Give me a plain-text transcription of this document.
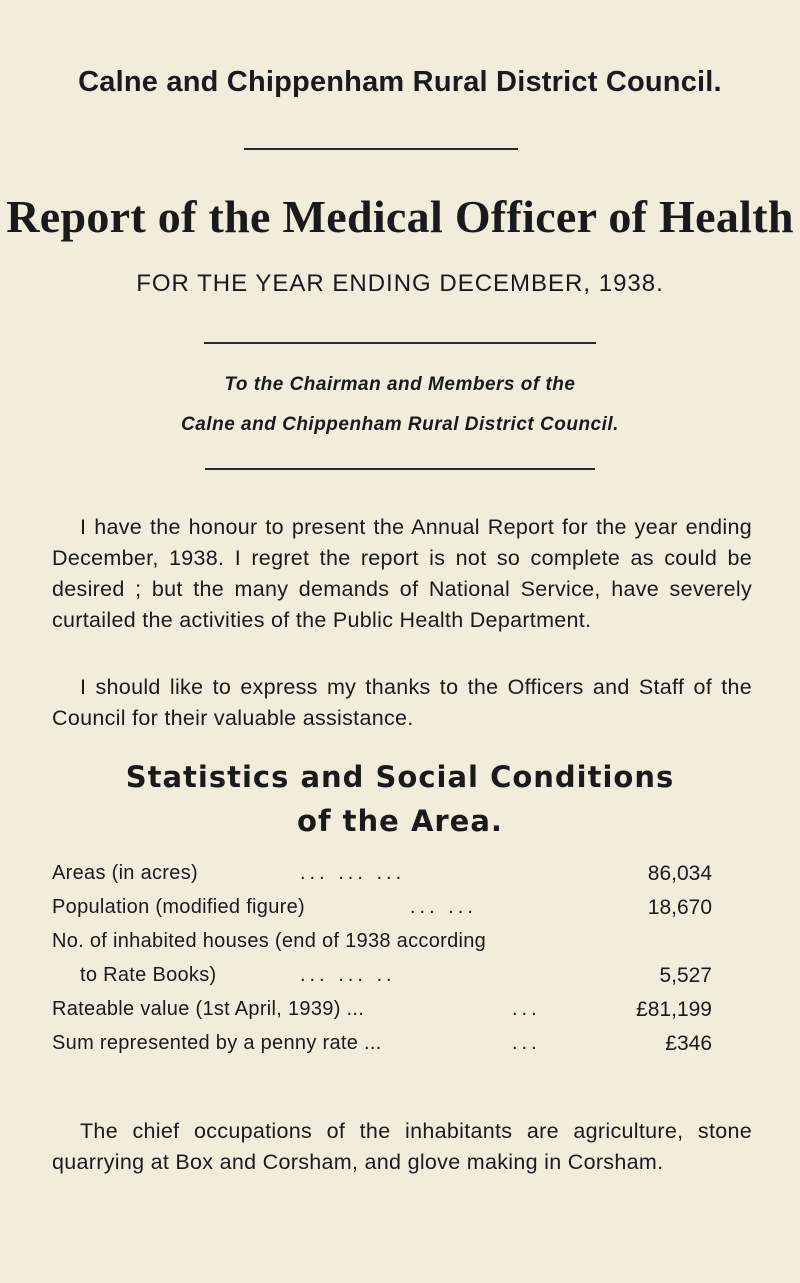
Calne and Chippenham Rural District Council.
Report of the Medical Officer of Health
FOR THE YEAR ENDING DECEMBER, 1938.
To the Chairman and Members of the
Calne and Chippenham Rural District Council.

I have the honour to present the Annual Report for the year ending December, 1938. I regret the report is not so complete as could be desired ; but the many demands of National Service, have severely curtailed the activities of the Public Health Department.

I should like to express my thanks to the Officers and Staff of the Council for their valuable assistance.

Statistics and Social Conditions
of the Area.
Areas (in acres)	... ... ...	86,034
Population (modified figure)	... ...	18,670
No. of inhabited houses (end of 1938 according
to Rate Books)	... ... ..	5,527
Rateable value (1st April, 1939) ...	...	£81,199
Sum represented by a penny rate ...	...	£346

The chief occupations of the inhabitants are agriculture, stone quarrying at Box and Corsham, and glove making in Corsham.
